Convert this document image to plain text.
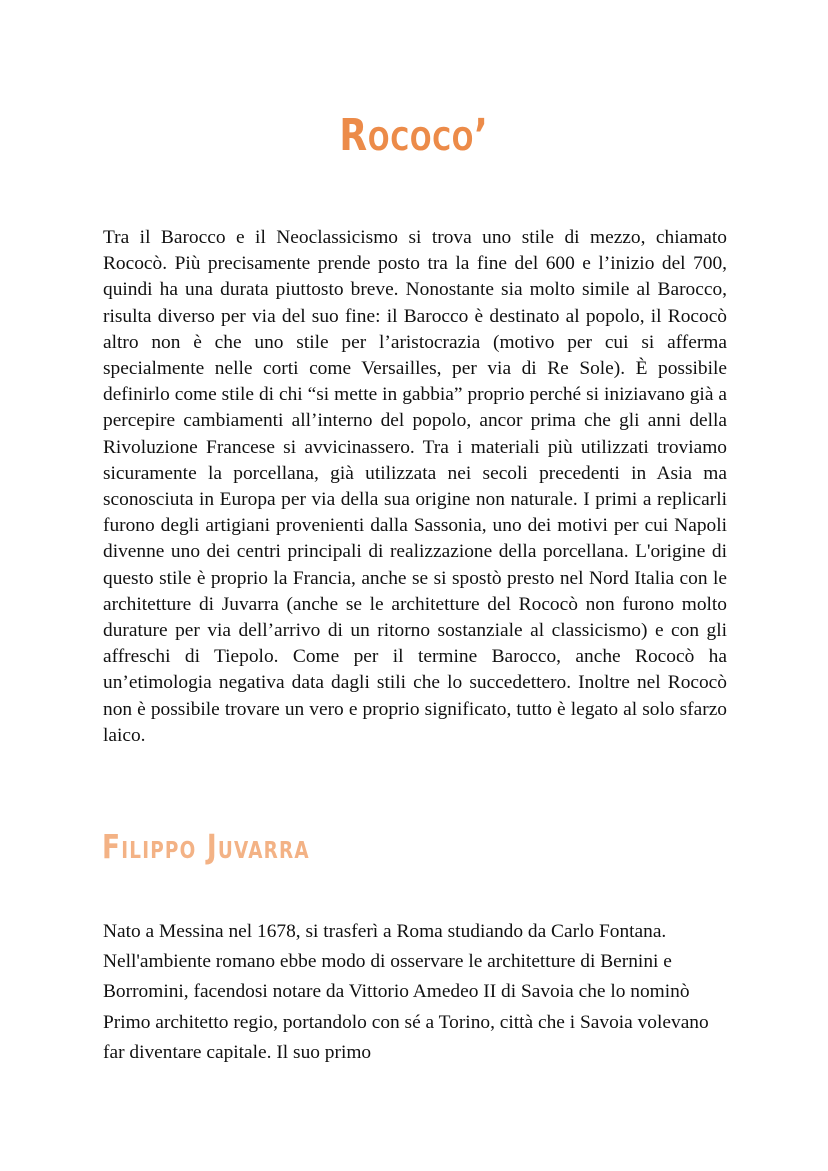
Rococo’

Tra il Barocco e il Neoclassicismo si trova uno stile di mezzo, chiamato Rococò. Più precisamente prende posto tra la fine del 600 e l’inizio del 700, quindi ha una durata piuttosto breve. Nonostante sia molto simile al Barocco, risulta diverso per via del suo fine: il Barocco è destinato al popolo, il Rococò altro non è che uno stile per l’aristocrazia (motivo per cui si afferma specialmente nelle corti come Versailles, per via di Re Sole). È possibile definirlo come stile di chi “si mette in gabbia” proprio perché si iniziavano già a percepire cambiamenti all’interno del popolo, ancor prima che gli anni della Rivoluzione Francese si avvicinassero. Tra i materiali più utilizzati troviamo sicuramente la porcellana, già utilizzata nei secoli precedenti in Asia ma sconosciuta in Europa per via della sua origine non naturale. I primi a replicarli furono degli artigiani provenienti dalla Sassonia, uno dei motivi per cui Napoli divenne uno dei centri principali di realizzazione della porcellana. L'origine di questo stile è proprio la Francia, anche se si spostò presto nel Nord Italia con le architetture di Juvarra (anche se le architetture del Rococò non furono molto durature per via dell’arrivo di un ritorno sostanziale al classicismo) e con gli affreschi di Tiepolo. Come per il termine Barocco, anche Rococò ha un’etimologia negativa data dagli stili che lo succedettero. Inoltre nel Rococò non è possibile trovare un vero e proprio significato, tutto è legato al solo sfarzo laico.

Filippo Juvarra

Nato a Messina nel 1678, si trasferì a Roma studiando da Carlo Fontana. Nell'ambiente romano ebbe modo di osservare le architetture di Bernini e Borromini, facendosi notare da Vittorio Amedeo II di Savoia che lo nominò Primo architetto regio, portandolo con sé a Torino, città che i Savoia volevano far diventare capitale. Il suo primo
